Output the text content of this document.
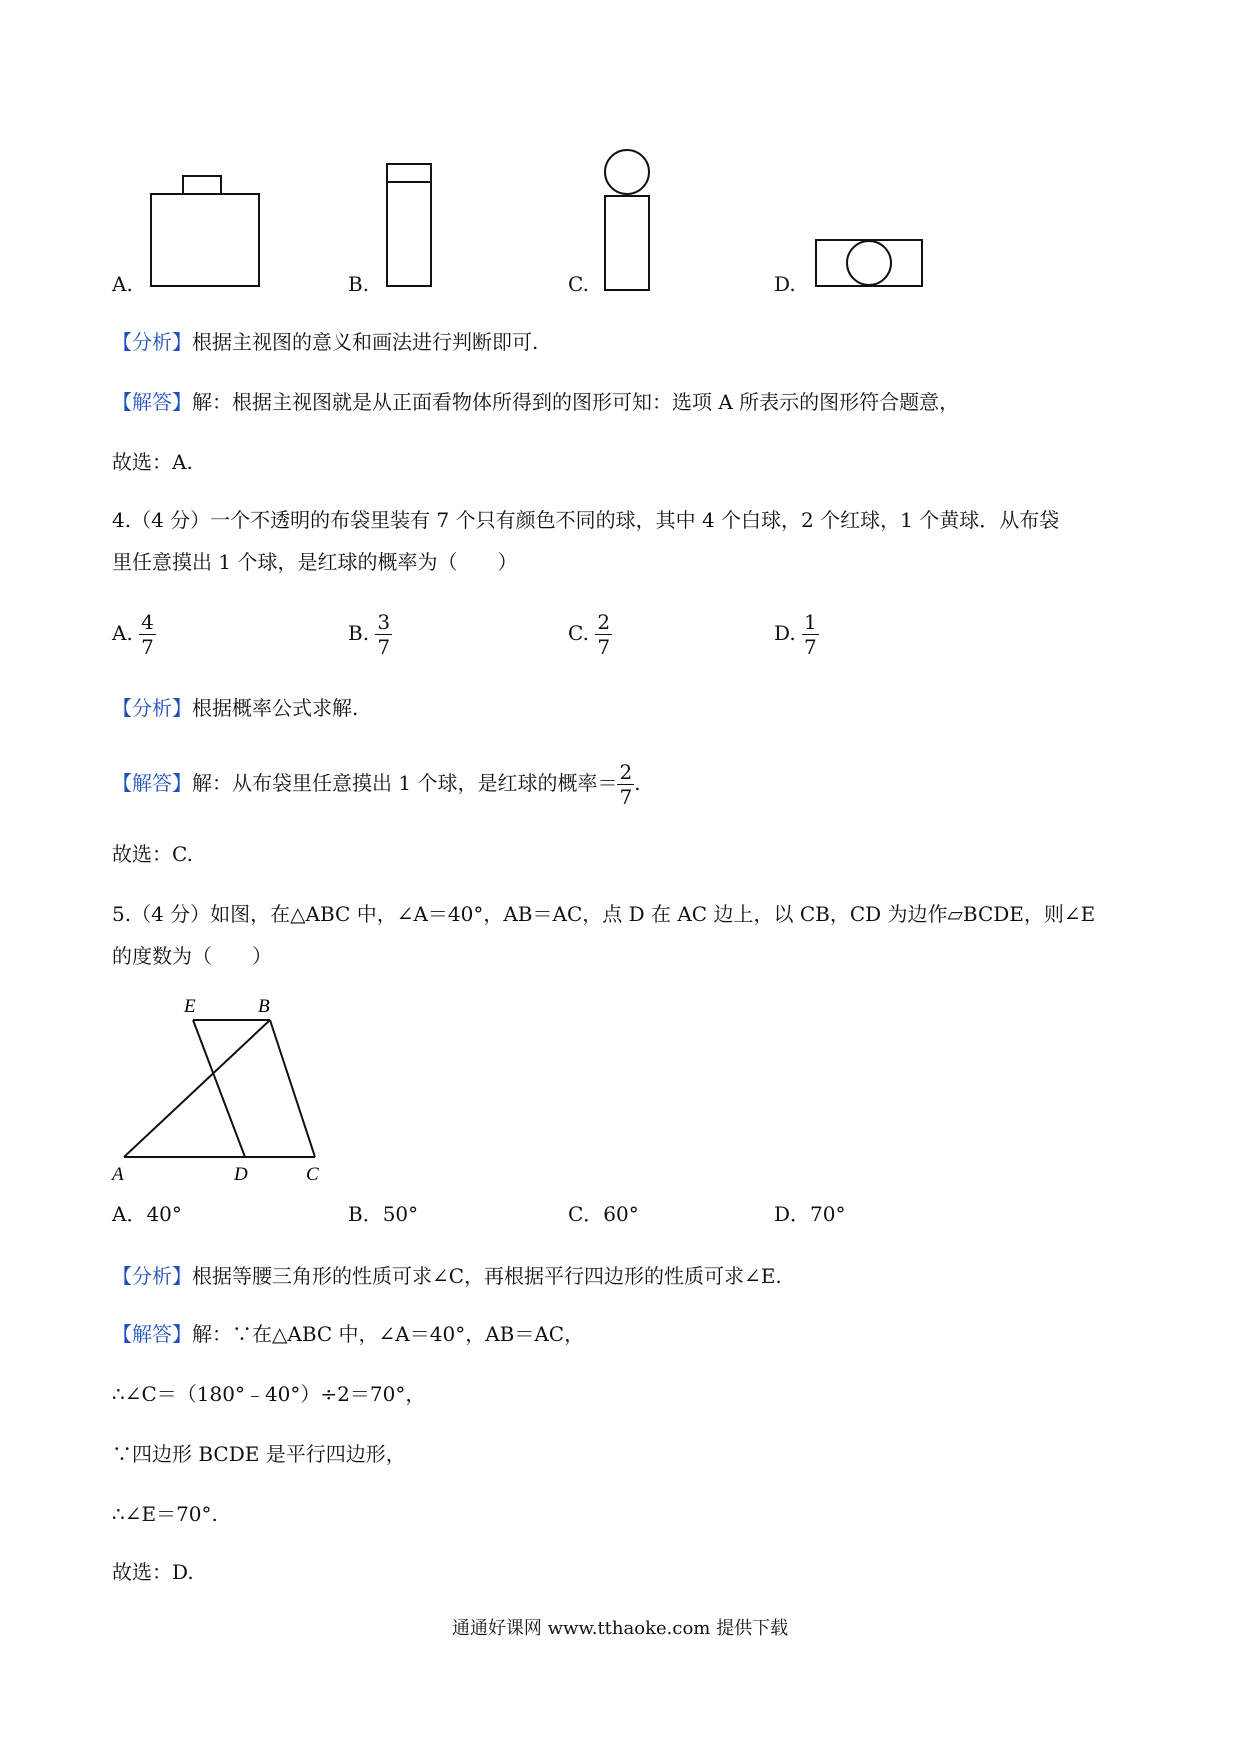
A.	B.	C.	D.
【分析】根据主视图的意义和画法进行判断即可.
【解答】解：根据主视图就是从正面看物体所得到的图形可知：选项 A 所表示的图形符合题意，
故选：A.
4.（4 分）一个不透明的布袋里装有 7 个只有颜色不同的球，其中 4 个白球，2 个红球，1 个黄球．从布袋
里任意摸出 1 个球，是红球的概率为（　　）
A. $\frac{4}{7}$	B. $\frac{3}{7}$	C. $\frac{2}{7}$	D. $\frac{1}{7}$
【分析】根据概率公式求解.
【解答】解：从布袋里任意摸出 1 个球，是红球的概率＝ $\frac{2}{7}$ .
故选：C.
5.（4 分）如图，在△ABC 中，∠A＝40°，AB＝AC，点 D 在 AC 边上，以 CB，CD 为边作▱BCDE，则∠E
的度数为（　　）
E	B
A	D	C
A．40°	B．50°	C．60°	D．70°
【分析】根据等腰三角形的性质可求∠C，再根据平行四边形的性质可求∠E.
【解答】解：∵在△ABC 中，∠A＝40°，AB＝AC，
∴∠C＝（180°﹣40°）÷2＝70°，
∵四边形 BCDE 是平行四边形，
∴∠E＝70°.
故选：D.
通通好课网 www.tthaoke.com 提供下载
